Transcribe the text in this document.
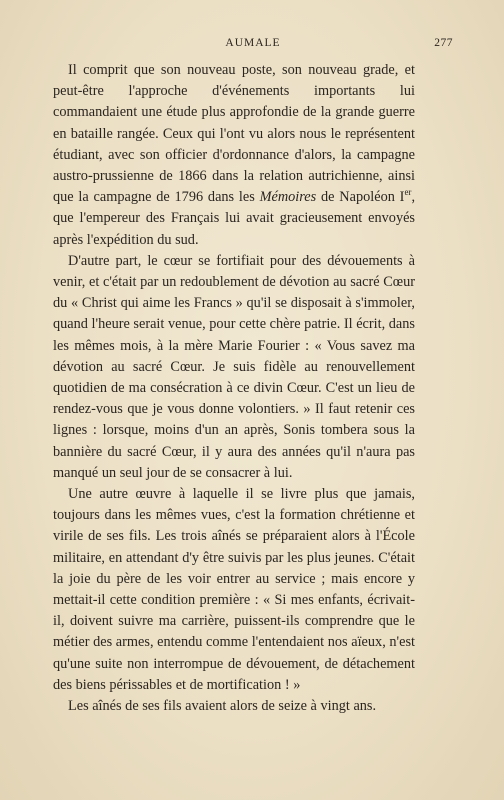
AUMALE	277

Il comprit que son nouveau poste, son nouveau grade, et peut-être l'approche d'événements importants lui commandaient une étude plus approfondie de la grande guerre en bataille rangée. Ceux qui l'ont vu alors nous le représentent étudiant, avec son officier d'ordonnance d'alors, la campagne austro-prussienne de 1866 dans la relation autrichienne, ainsi que la campagne de 1796 dans les Mémoires de Napoléon Ier, que l'empereur des Français lui avait gracieusement envoyés après l'expédition du sud.

D'autre part, le cœur se fortifiait pour des dévouements à venir, et c'était par un redoublement de dévotion au sacré Cœur du « Christ qui aime les Francs » qu'il se disposait à s'immoler, quand l'heure serait venue, pour cette chère patrie. Il écrit, dans les mêmes mois, à la mère Marie Fourier : « Vous savez ma dévotion au sacré Cœur. Je suis fidèle au renouvellement quotidien de ma consécration à ce divin Cœur. C'est un lieu de rendez-vous que je vous donne volontiers. » Il faut retenir ces lignes : lorsque, moins d'un an après, Sonis tombera sous la bannière du sacré Cœur, il y aura des années qu'il n'aura pas manqué un seul jour de se consacrer à lui.

Une autre œuvre à laquelle il se livre plus que jamais, toujours dans les mêmes vues, c'est la formation chrétienne et virile de ses fils. Les trois aînés se préparaient alors à l'École militaire, en attendant d'y être suivis par les plus jeunes. C'était la joie du père de les voir entrer au service ; mais encore y mettait-il cette condition première : « Si mes enfants, écrivait-il, doivent suivre ma carrière, puissent-ils comprendre que le métier des armes, entendu comme l'entendaient nos aïeux, n'est qu'une suite non interrompue de dévouement, de détachement des biens périssables et de mortification ! »

Les aînés de ses fils avaient alors de seize à vingt ans.
